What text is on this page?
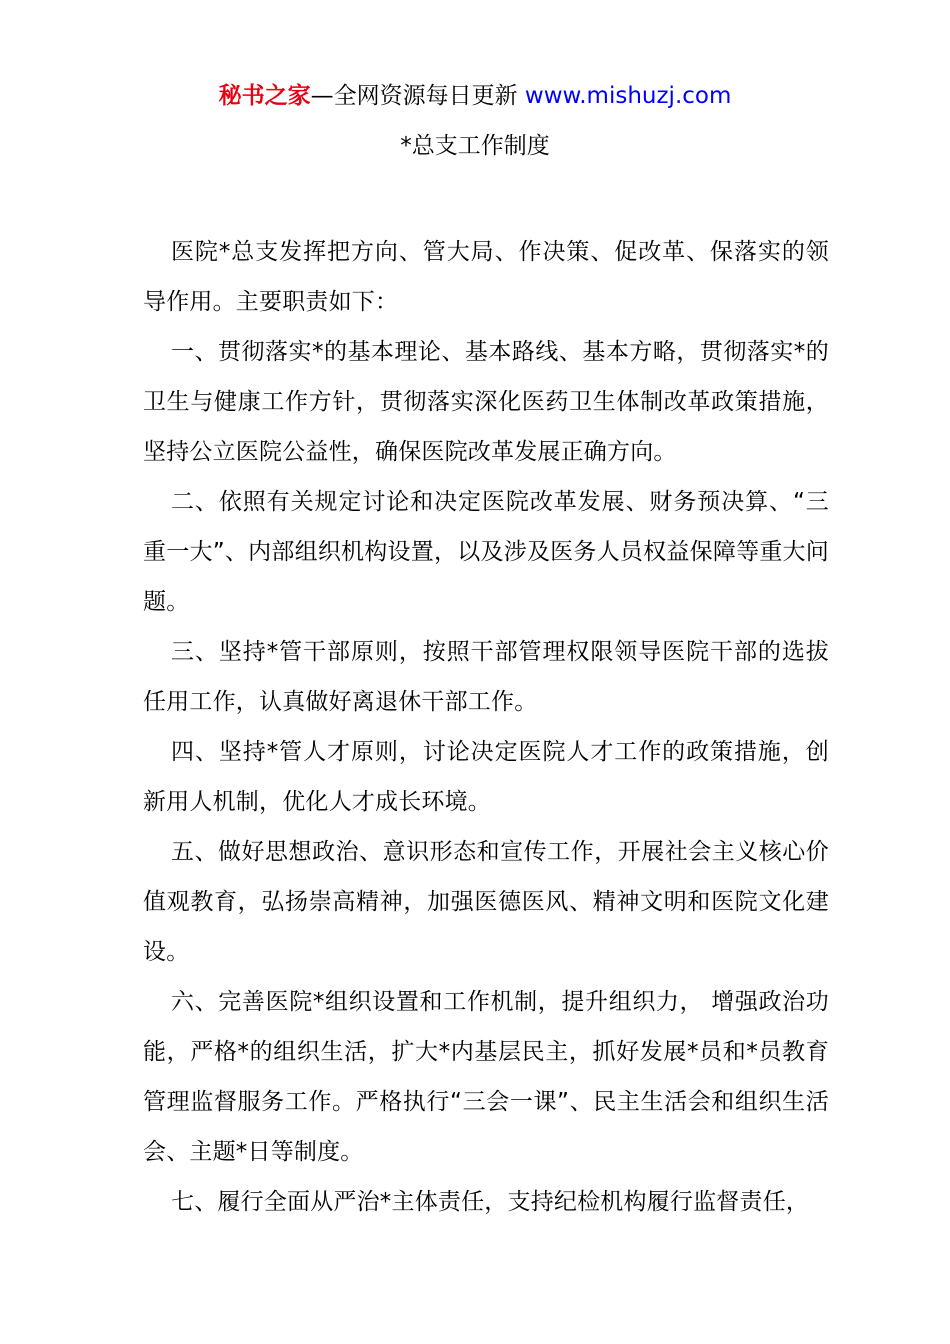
秘书之家—全网资源每日更新 www.mishuzj.com
*总支工作制度

医院*总支发挥把方向、管大局、作决策、促改革、保落实的领导作用。主要职责如下：

一、贯彻落实*的基本理论、基本路线、基本方略，贯彻落实*的卫生与健康工作方针，贯彻落实深化医药卫生体制改革政策措施，坚持公立医院公益性，确保医院改革发展正确方向。

二、依照有关规定讨论和决定医院改革发展、财务预决算、“三重一大”、内部组织机构设置，以及涉及医务人员权益保障等重大问题。

三、坚持*管干部原则，按照干部管理权限领导医院干部的选拔任用工作，认真做好离退休干部工作。

四、坚持*管人才原则，讨论决定医院人才工作的政策措施，创新用人机制，优化人才成长环境。

五、做好思想政治、意识形态和宣传工作，开展社会主义核心价值观教育，弘扬崇高精神，加强医德医风、精神文明和医院文化建设。

六、完善医院*组织设置和工作机制，提升组织力， 增强政治功能，严格*的组织生活，扩大*内基层民主，抓好发展*员和*员教育管理监督服务工作。严格执行“三会一课”、民主生活会和组织生活会、主题*日等制度。

七、履行全面从严治*主体责任，支持纪检机构履行监督责任，
